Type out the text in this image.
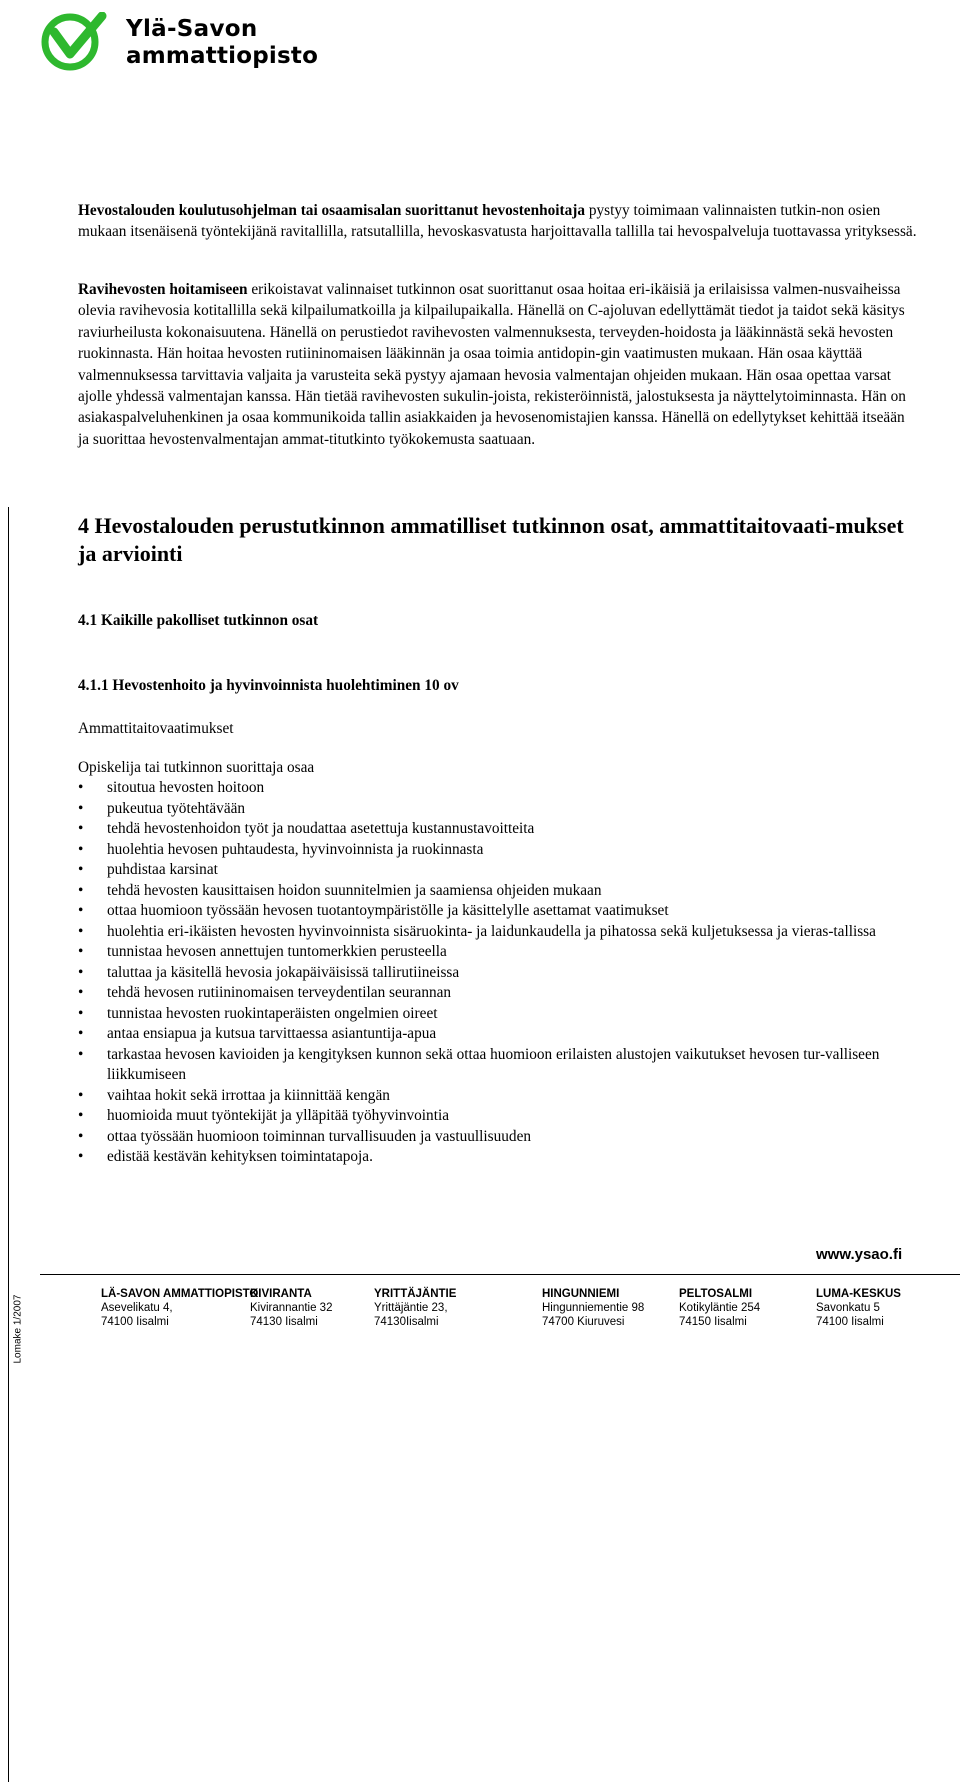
Ylä-Savon
ammattiopisto

Hevostalouden koulutusohjelman tai osaamisalan suorittanut hevostenhoitaja pystyy toimimaan valinnaisten tutkin-non osien mukaan itsenäisenä työntekijänä ravitallilla, ratsutallilla, hevoskasvatusta harjoittavalla tallilla tai hevospalveluja tuottavassa yrityksessä.

Ravihevosten hoitamiseen erikoistavat valinnaiset tutkinnon osat suorittanut osaa hoitaa eri-ikäisiä ja erilaisissa valmen-nusvaiheissa olevia ravihevosia kotitallilla sekä kilpailumatkoilla ja kilpailupaikalla. Hänellä on C-ajoluvan edellyttämät tiedot ja taidot sekä käsitys raviurheilusta kokonaisuutena. Hänellä on perustiedot ravihevosten valmennuksesta, terveyden-hoidosta ja lääkinnästä sekä hevosten ruokinnasta. Hän hoitaa hevosten rutiininomaisen lääkinnän ja osaa toimia antidopin-gin vaatimusten mukaan. Hän osaa käyttää valmennuksessa tarvittavia valjaita ja varusteita sekä pystyy ajamaan hevosia valmentajan ohjeiden mukaan. Hän osaa opettaa varsat ajolle yhdessä valmentajan kanssa. Hän tietää ravihevosten sukulin-joista, rekisteröinnistä, jalostuksesta ja näyttelytoiminnasta. Hän on asiakaspalveluhenkinen ja osaa kommunikoida tallin asiakkaiden ja hevosenomistajien kanssa. Hänellä on edellytykset kehittää itseään ja suorittaa hevostenvalmentajan ammat-titutkinto työkokemusta saatuaan.

4 Hevostalouden perustutkinnon ammatilliset tutkinnon osat, ammattitaitovaati-mukset ja arviointi
4.1 Kaikille pakolliset tutkinnon osat
4.1.1 Hevostenhoito ja hyvinvoinnista huolehtiminen 10 ov

Ammattitaitovaatimukset

Opiskelija tai tutkinnon suorittaja osaa

• sitoutua hevosten hoitoon
• pukeutua työtehtävään
• tehdä hevostenhoidon työt ja noudattaa asetettuja kustannustavoitteita
• huolehtia hevosen puhtaudesta, hyvinvoinnista ja ruokinnasta
• puhdistaa karsinat
• tehdä hevosten kausittaisen hoidon suunnitelmien ja saamiensa ohjeiden mukaan
• ottaa huomioon työssään hevosen tuotantoympäristölle ja käsittelylle asettamat vaatimukset
• huolehtia eri-ikäisten hevosten hyvinvoinnista sisäruokinta- ja laidunkaudella ja pihatossa sekä kuljetuksessa ja vieras-tallissa
• tunnistaa hevosen annettujen tuntomerkkien perusteella
• taluttaa ja käsitellä hevosia jokapäiväisissä tallirutiineissa
• tehdä hevosen rutiininomaisen terveydentilan seurannan
• tunnistaa hevosten ruokintaperäisten ongelmien oireet
• antaa ensiapua ja kutsua tarvittaessa asiantuntija-apua
• tarkastaa hevosen kavioiden ja kengityksen kunnon sekä ottaa huomioon erilaisten alustojen vaikutukset hevosen tur-valliseen liikkumiseen
• vaihtaa hokit sekä irrottaa ja kiinnittää kengän
• huomioida muut työntekijät ja ylläpitää työhyvinvointia
• ottaa työssään huomioon toiminnan turvallisuuden ja vastuullisuuden
• edistää kestävän kehityksen toimintatapoja.
www.ysao.fi
LÄ-SAVON AMMATTIOPISTO
Asevelikatu 4,
74100 Iisalmi
KIVIRANTA
Kivirannantie 32
74130 Iisalmi
YRITTÄJÄNTIE
Yrittäjäntie 23,
74130Iisalmi
HINGUNNIEMI
Hingunniementie 98
74700 Kiuruvesi
PELTOSALMI
Kotikyläntie 254
74150 Iisalmi
LUMA-KESKUS
Savonkatu 5
74100 Iisalmi
Lomake 1/2007
